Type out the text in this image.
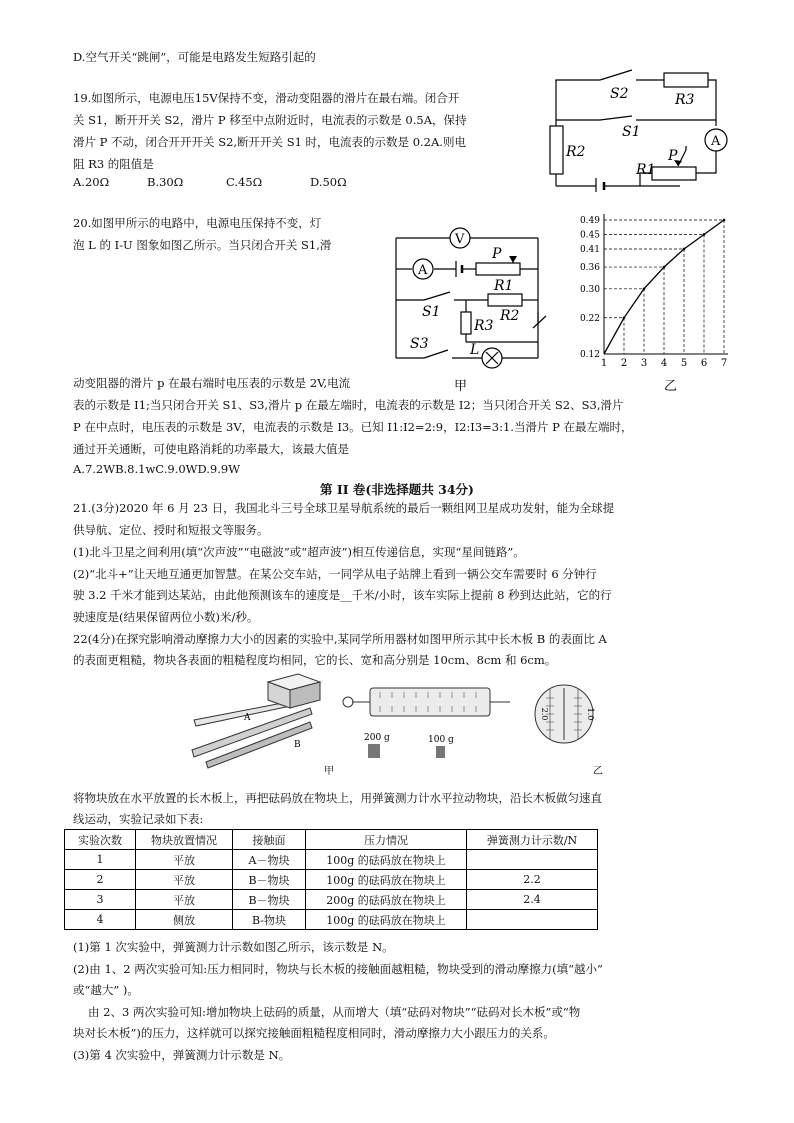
D.空气开关“跳闸”，可能是电路发生短路引起的
19.如图所示，电源电压15V保持不变，滑动变阻器的滑片在最右端。闭合开
关 S1，断开开关 S2，滑片 P 移至中点附近时，电流表的示数是 0.5A，保持
滑片 P 不动，闭合开开开关 S2,断开开关 S1 时，电流表的示数是 0.2A.则电
阻 R3 的阻值是
A.20Ω	B.30Ω	C.45Ω	D.50Ω
S2	R3
S1
A
R2	P
R1
20.如图甲所示的电路中，电源电压保持不变，灯
泡 L 的 I-U 图象如图乙所示。当只闭合开关 S1,滑	V
A
P
R1
S1
R3
R2
S3	L
甲
1 2 3 4 5 6 7
0.12
0.22
0.30
0.36
0.41
0.45
0.49
乙
动变阻器的滑片 p 在最右端时电压表的示数是 2V,电流
表的示数是 I1;当只闭合开关 S1、S3,滑片 p 在最左端时，电流表的示数是 I2；当只闭合开关 S2、S3,滑片
P 在中点时，电压表的示数是 3V，电流表的示数是 I3。已知 I1:I2=2:9，I2:I3=3:1.当滑片 P 在最左端时，
通过开关通断，可使电路消耗的功率最大，该最大值是
A.7.2WB.8.1wC.9.0WD.9.9W
第 II 卷(非选择题共 34分)
21.(3分)2020 年 6 月 23 日，我国北斗三号全球卫星导航系统的最后一颗组网卫星成功发射，能为全球提
供导航、定位、授时和短报文等服务。
(1)北斗卫星之间利用(填“次声波”“电磁波”或“超声波”)相互传递信息，实现“星间链路”。
(2)“北斗+”让天地互通更加智慧。在某公交车站，一同学从电子站牌上看到一辆公交车需要时 6 分钟行
驶 3.2 千米才能到达某站，由此他预测该车的速度是__千米/小时，该车实际上提前 8 秒到达此站，它的行
驶速度是(结果保留两位小数)米/秒。
22(4分)在探究影响滑动摩擦力大小的因素的实验中,某同学所用器材如图甲所示其中长木板 B 的表面比 A
的表面更粗糙，物块各表面的粗糙程度均相同，它的长、宽和高分别是 10cm、8cm 和 6cm。
A
B
200 g	100 g
甲
2.0	1.0
乙
将物块放在水平放置的长木板上，再把砝码放在物块上，用弹簧测力计水平拉动物块，沿长木板做匀速直
线运动，实验记录如下表:
实验次数	物块放置情况	接触面	压力情况	弹簧测力计示数/N
1	平放	A－物块	100g 的砝码放在物块上	
2	平放	B－物块	100g 的砝码放在物块上	2.2
3	平放	B－物块	200g 的砝码放在物块上	2.4
4	侧放	B-物块	100g 的砝码放在物块上	
(1)第 1 次实验中，弹簧测力计示数如图乙所示，该示数是 N。
(2)由 1、2 两次实验可知:压力相同时，物块与长木板的接触面越粗糙，物块受到的滑动摩擦力(填“越小”
或“越大” )。
由 2、3 两次实验可知:增加物块上砝码的质量，从而增大（填“砝码对物块”“砝码对长木板”或“物
块对长木板”)的压力，这样就可以探究接触面粗糙程度相同时，滑动摩擦力大小跟压力的关系。
(3)第 4 次实验中，弹簧测力计示数是 N。
